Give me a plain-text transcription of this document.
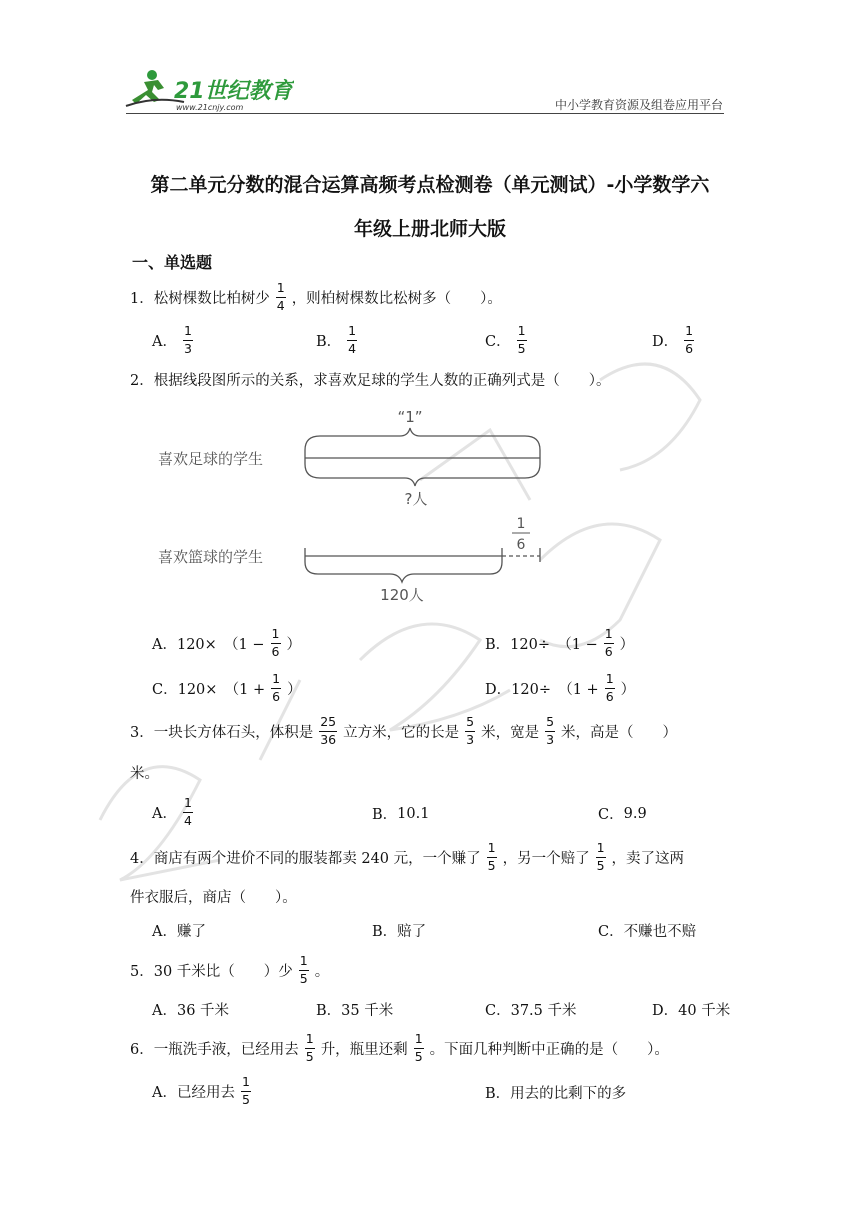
21世纪教育
www.21cnjy.com	中小学教育资源及组卷应用平台
第二单元分数的混合运算高频考点检测卷（单元测试）-小学数学六
年级上册北师大版
一、单选题
1． 松树棵数比柏树少 $\frac{1}{4}$ ，则柏树棵数比松树多（　　）。
A． $\frac{1}{3}$	B． $\frac{1}{4}$	C． $\frac{1}{5}$	D． $\frac{1}{6}$
2． 根据线段图所示的关系，求喜欢足球的学生人数的正确列式是（　　）。
“1”
喜欢足球的学生
?人
喜欢篮球的学生
1
6
120人
A． 120×　（$1 - \frac{1}{6}$ ）	B． 120÷　（$1 - \frac{1}{6}$ ）
C． 120×　（$1 + \frac{1}{6}$ ）	D． 120÷　（$1 + \frac{1}{6}$ ）
3． 一块长方体石头，体积是 $\frac{25}{36}$ 立方米，它的长是 $\frac{5}{3}$ 米，宽是 $\frac{5}{3}$ 米，高是（　　）
米。
A． $\frac{1}{4}$	B． 10.1	C． 9.9
4． 商店有两个进价不同的服装都卖 240 元，一个赚了 $\frac{1}{5}$ ，另一个赔了 $\frac{1}{5}$ ，卖了这两
件衣服后，商店（　　）。
A． 赚了	B． 赔了	C． 不赚也不赔
5． 30 千米比（　　）少 $\frac{1}{5}$ 。
A． 36 千米	B． 35 千米	C． 37.5 千米	D． 40 千米
6． 一瓶洗手液，已经用去 $\frac{1}{5}$ 升，瓶里还剩 $\frac{1}{5}$ 。下面几种判断中正确的是（　　）。
A． 已经用去 $\frac{1}{5}$	B． 用去的比剩下的多
